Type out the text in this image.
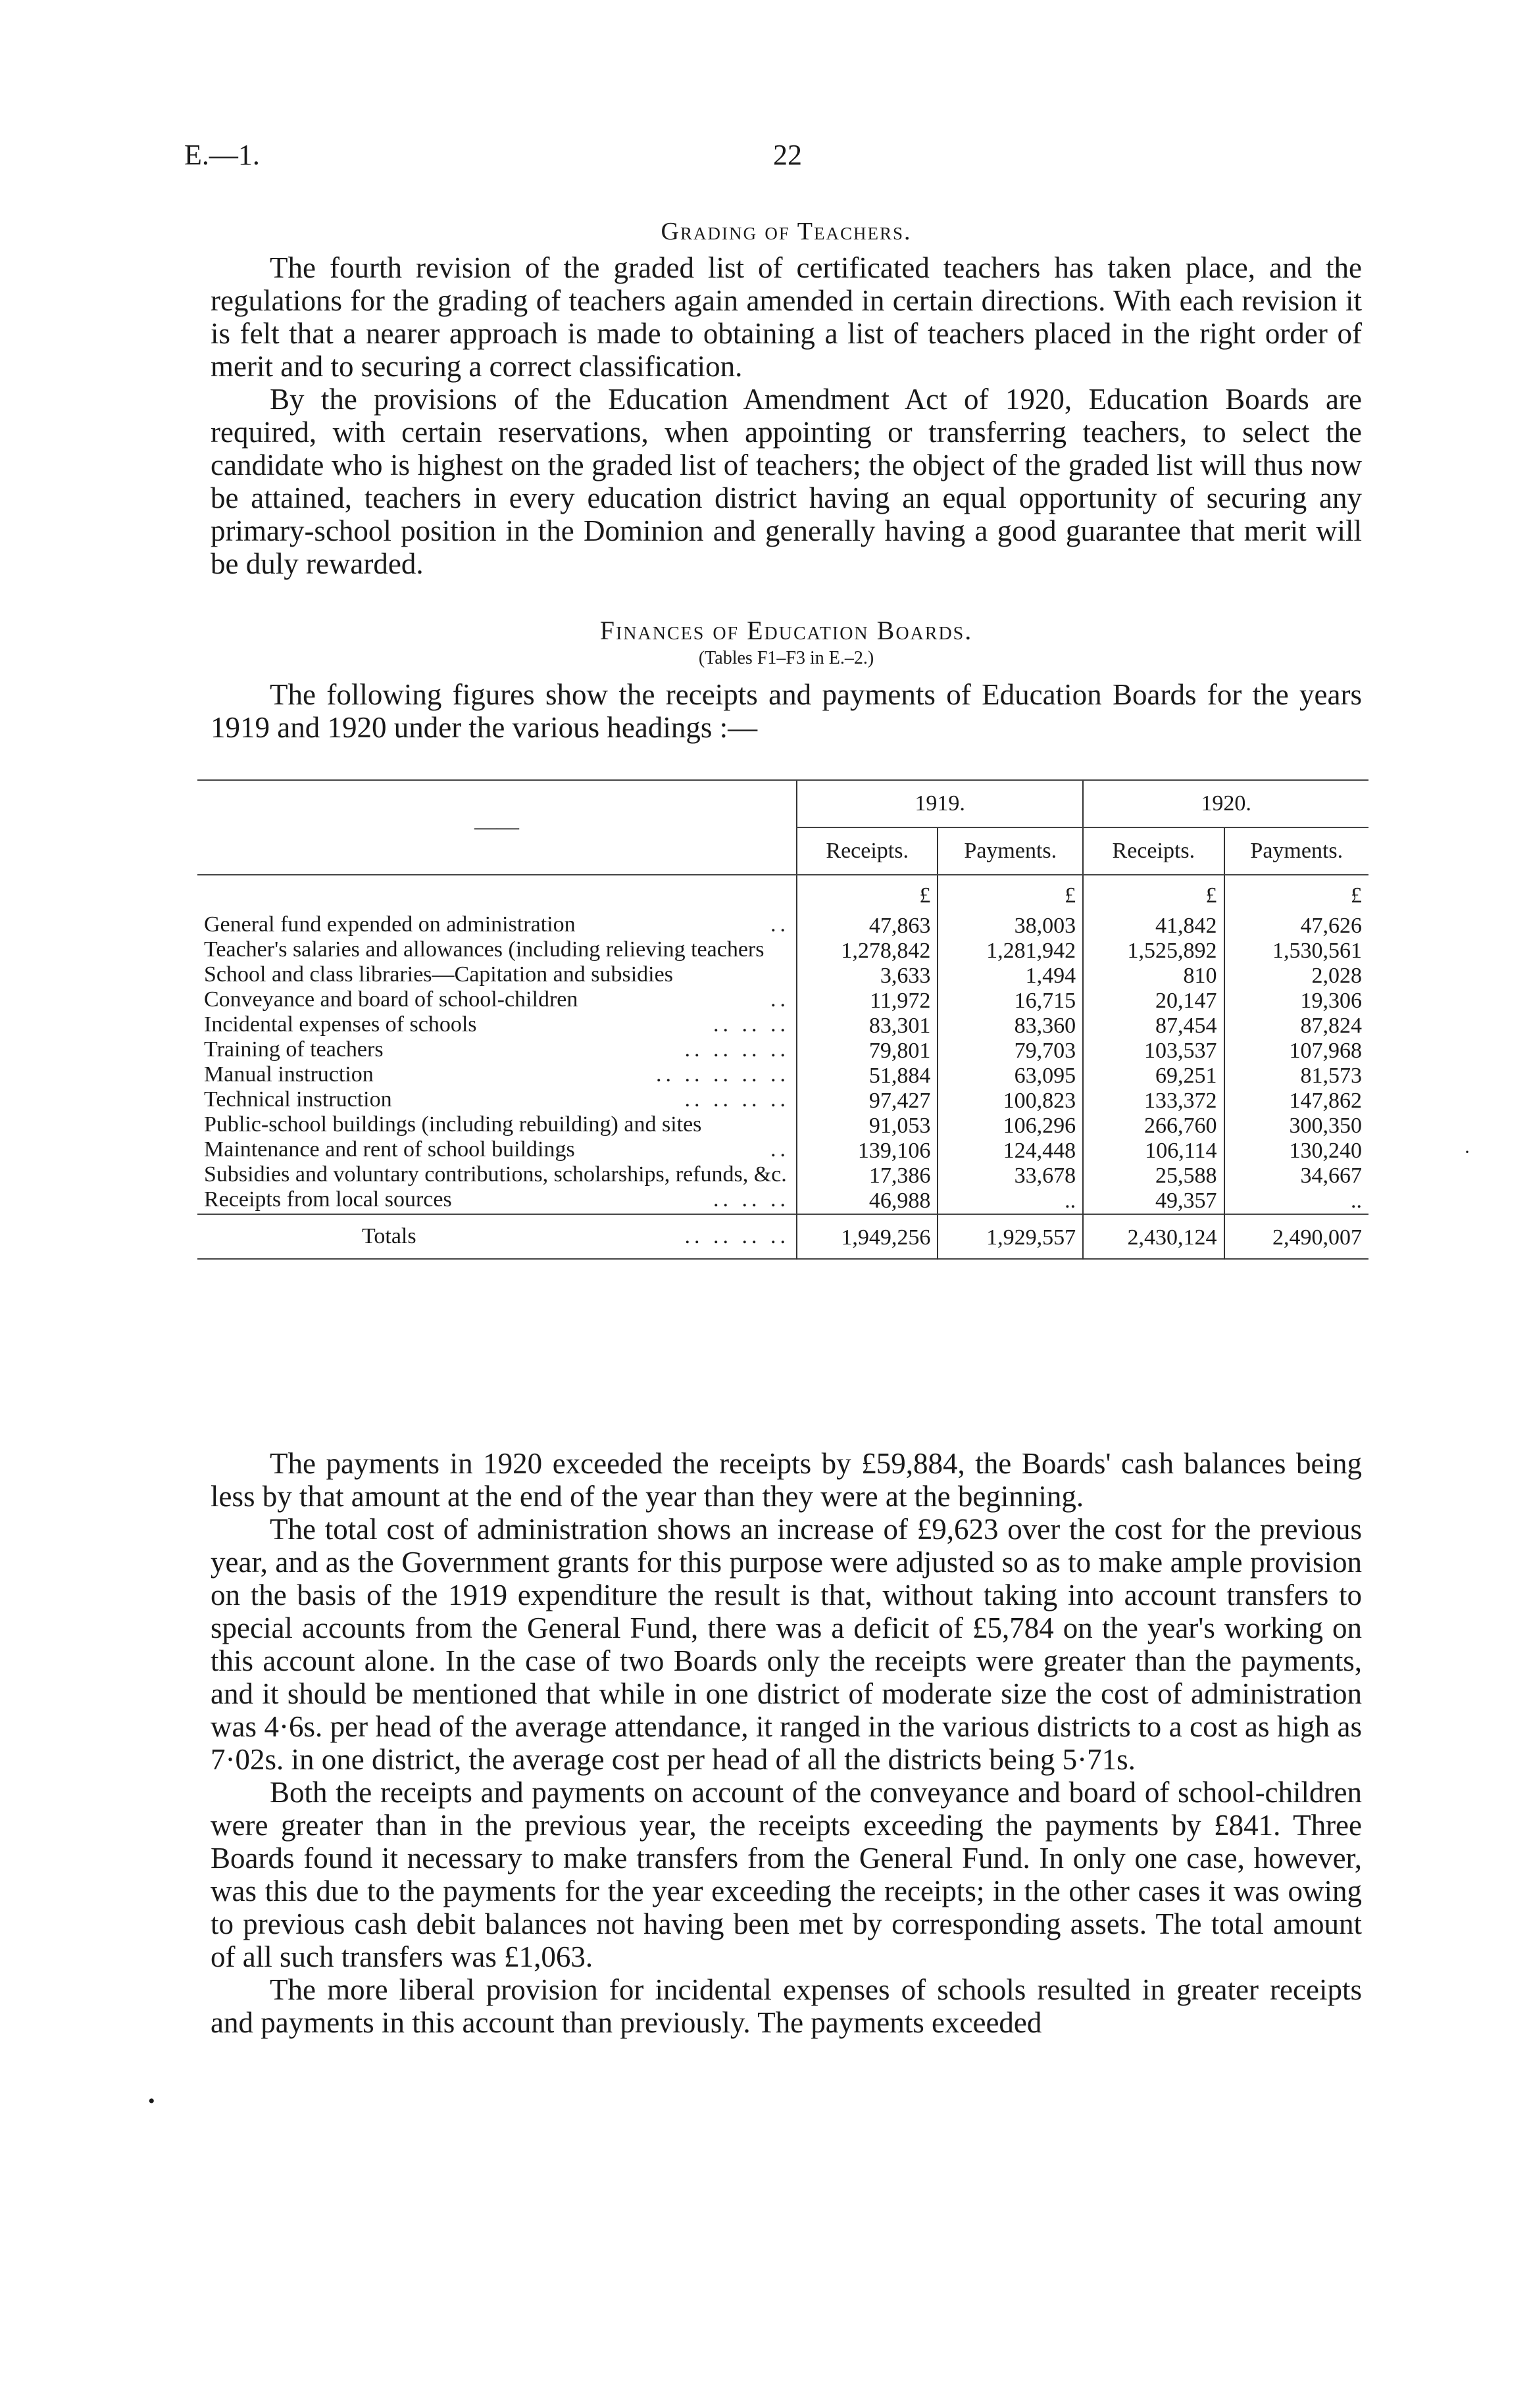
E.—1.	22
Grading of Teachers.

The fourth revision of the graded list of certificated teachers has taken place, and the regulations for the grading of teachers again amended in certain directions. With each revision it is felt that a nearer approach is made to obtaining a list of teachers placed in the right order of merit and to securing a correct classification.

By the provisions of the Education Amendment Act of 1920, Education Boards are required, with certain reservations, when appointing or transferring teachers, to select the candidate who is highest on the graded list of teachers; the object of the graded list will thus now be attained, teachers in every education district having an equal opportunity of securing any primary-school position in the Dominion and generally having a good guarantee that merit will be duly rewarded.

Finances of Education Boards.

(Tables F1–F3 in E.–2.)

The following figures show the receipts and payments of Education Boards for the years 1919 and 1920 under the various headings :—

——	1919.		1920.	
	Receipts.	Payments.	Receipts.	Payments.
	£	£	£	£
General fund expended on administration ..	47,863	38,003	41,842	47,626
Teacher's salaries and allowances (including relieving teachers	1,278,842	1,281,942	1,525,892	1,530,561
School and class libraries—Capitation and subsidies	3,633	1,494	810	2,028
Conveyance and board of school-children ..	11,972	16,715	20,147	19,306
Incidental expenses of schools .. .. ..	83,301	83,360	87,454	87,824
Training of teachers .. .. .. ..	79,801	79,703	103,537	107,968
Manual instruction .. .. .. .. ..	51,884	63,095	69,251	81,573
Technical instruction .. .. .. ..	97,427	100,823	133,372	147,862
Public-school buildings (including rebuilding) and sites	91,053	106,296	266,760	300,350
Maintenance and rent of school buildings ..	139,106	124,448	106,114	130,240
Subsidies and voluntary contributions, scholarships, refunds, &c.	17,386	33,678	25,588	34,667
Receipts from local sources .. .. ..	46,988	..	49,357	..
Totals .. .. .. ..	1,949,256	1,929,557	2,430,124	2,490,007

The payments in 1920 exceeded the receipts by £59,884, the Boards' cash balances being less by that amount at the end of the year than they were at the beginning.

The total cost of administration shows an increase of £9,623 over the cost for the previous year, and as the Government grants for this purpose were adjusted so as to make ample provision on the basis of the 1919 expenditure the result is that, without taking into account transfers to special accounts from the General Fund, there was a deficit of £5,784 on the year's working on this account alone. In the case of two Boards only the receipts were greater than the payments, and it should be mentioned that while in one district of moderate size the cost of administration was 4·6s. per head of the average attendance, it ranged in the various districts to a cost as high as 7·02s. in one district, the average cost per head of all the districts being 5·71s.

Both the receipts and payments on account of the conveyance and board of school-children were greater than in the previous year, the receipts exceeding the payments by £841. Three Boards found it necessary to make transfers from the General Fund. In only one case, however, was this due to the payments for the year exceeding the receipts; in the other cases it was owing to previous cash debit balances not having been met by corresponding assets. The total amount of all such transfers was £1,063.

The more liberal provision for incidental expenses of schools resulted in greater receipts and payments in this account than previously. The payments exceeded

·
•
